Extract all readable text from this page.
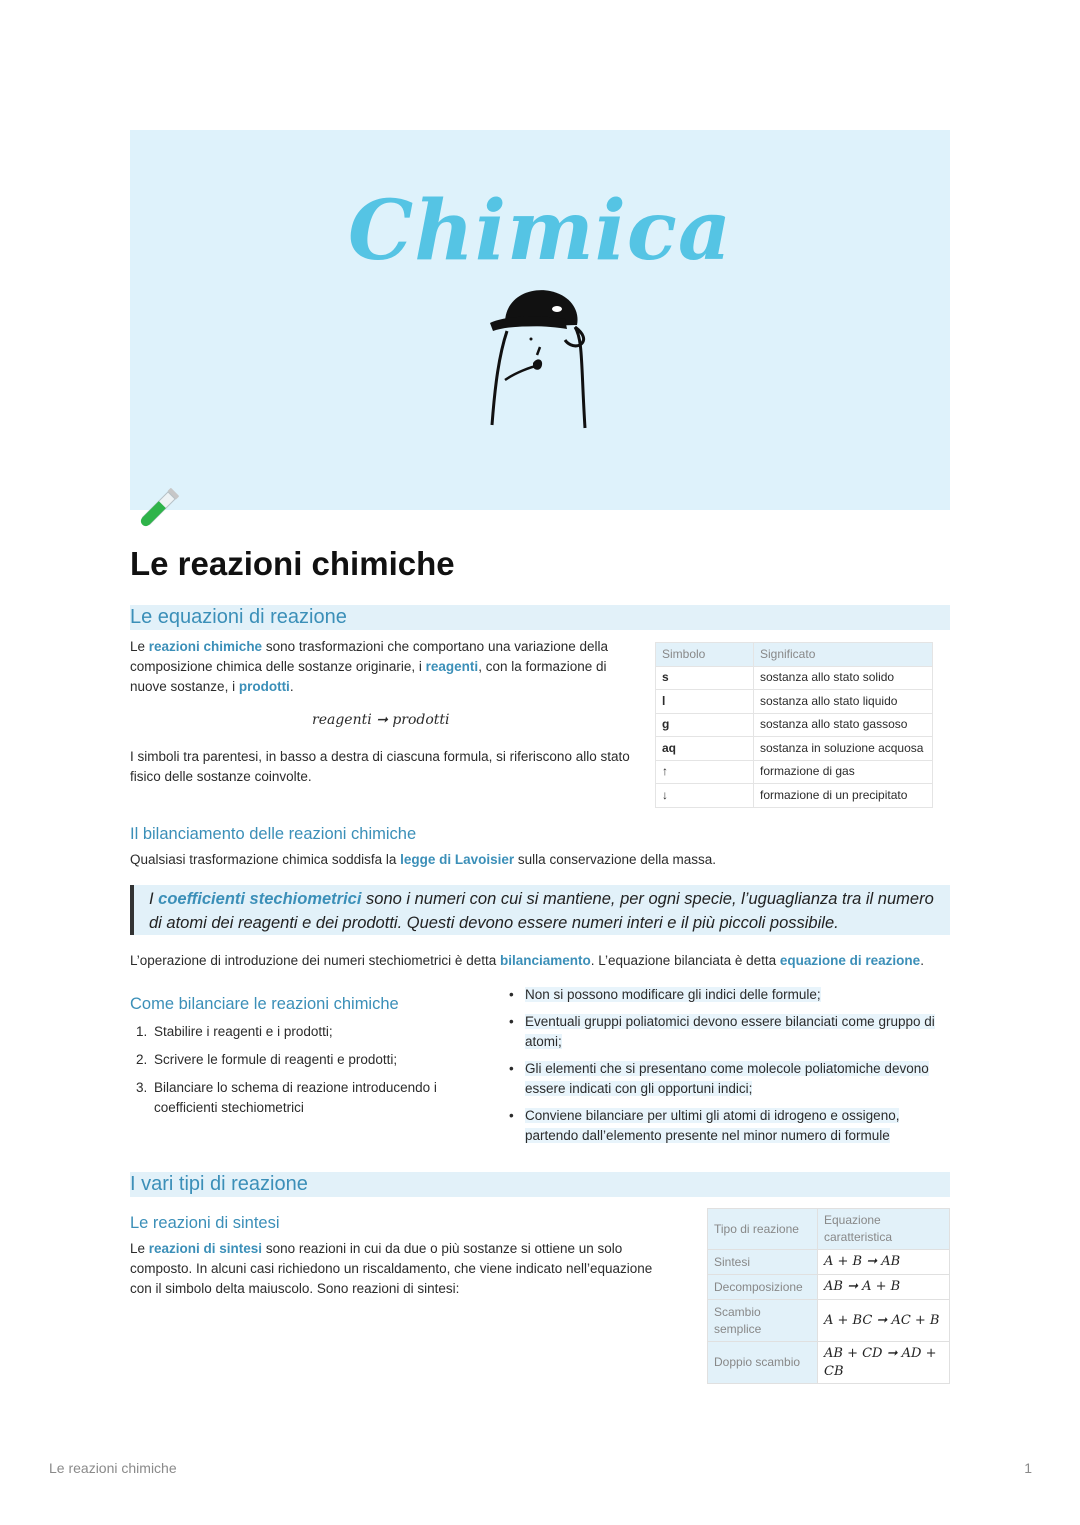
Chimica
Le reazioni chimiche
Le equazioni di reazione
Le reazioni chimiche sono trasformazioni che comportano una variazione della composizione chimica delle sostanze originarie, i reagenti, con la formazione di nuove sostanze, i prodotti.
reagenti ➞ prodotti
I simboli tra parentesi, in basso a destra di ciascuna formula, si riferiscono allo stato fisico delle sostanze coinvolte.
Simbolo	Significato
s	sostanza allo stato solido
l	sostanza allo stato liquido
g	sostanza allo stato gassoso
aq	sostanza in soluzione acquosa
↑	formazione di gas
↓	formazione di un precipitato
Il bilanciamento delle reazioni chimiche
Qualsiasi trasformazione chimica soddisfa la legge di Lavoisier sulla conservazione della massa.
I coefficienti stechiometrici sono i numeri con cui si mantiene, per ogni specie, l’uguaglianza tra il numero di atomi dei reagenti e dei prodotti. Questi devono essere numeri interi e il più piccoli possibile.
L’operazione di introduzione dei numeri stechiometrici è detta bilanciamento. L’equazione bilanciata è detta equazione di reazione.
Come bilanciare le reazioni chimiche
1. Stabilire i reagenti e i prodotti;
2. Scrivere le formule di reagenti e prodotti;
3. Bilanciare lo schema di reazione introducendo i coefficienti stechiometrici
• Non si possono modificare gli indici delle formule;
• Eventuali gruppi poliatomici devono essere bilanciati come gruppo di atomi;
• Gli elementi che si presentano come molecole poliatomiche devono essere indicati con gli opportuni indici;
• Conviene bilanciare per ultimi gli atomi di idrogeno e ossigeno, partendo dall’elemento presente nel minor numero di formule
I vari tipi di reazione
Le reazioni di sintesi
Le reazioni di sintesi sono reazioni in cui da due o più sostanze si ottiene un solo composto. In alcuni casi richiedono un riscaldamento, che viene indicato nell’equazione con il simbolo delta maiuscolo. Sono reazioni di sintesi:
Tipo di reazione	Equazione caratteristica
Sintesi	A + B ➞ AB
Decomposizione	AB ➞ A + B
Scambio semplice	A + BC ➞ AC + B
Doppio scambio	AB + CD ➞ AD + CB
Le reazioni chimiche	1
